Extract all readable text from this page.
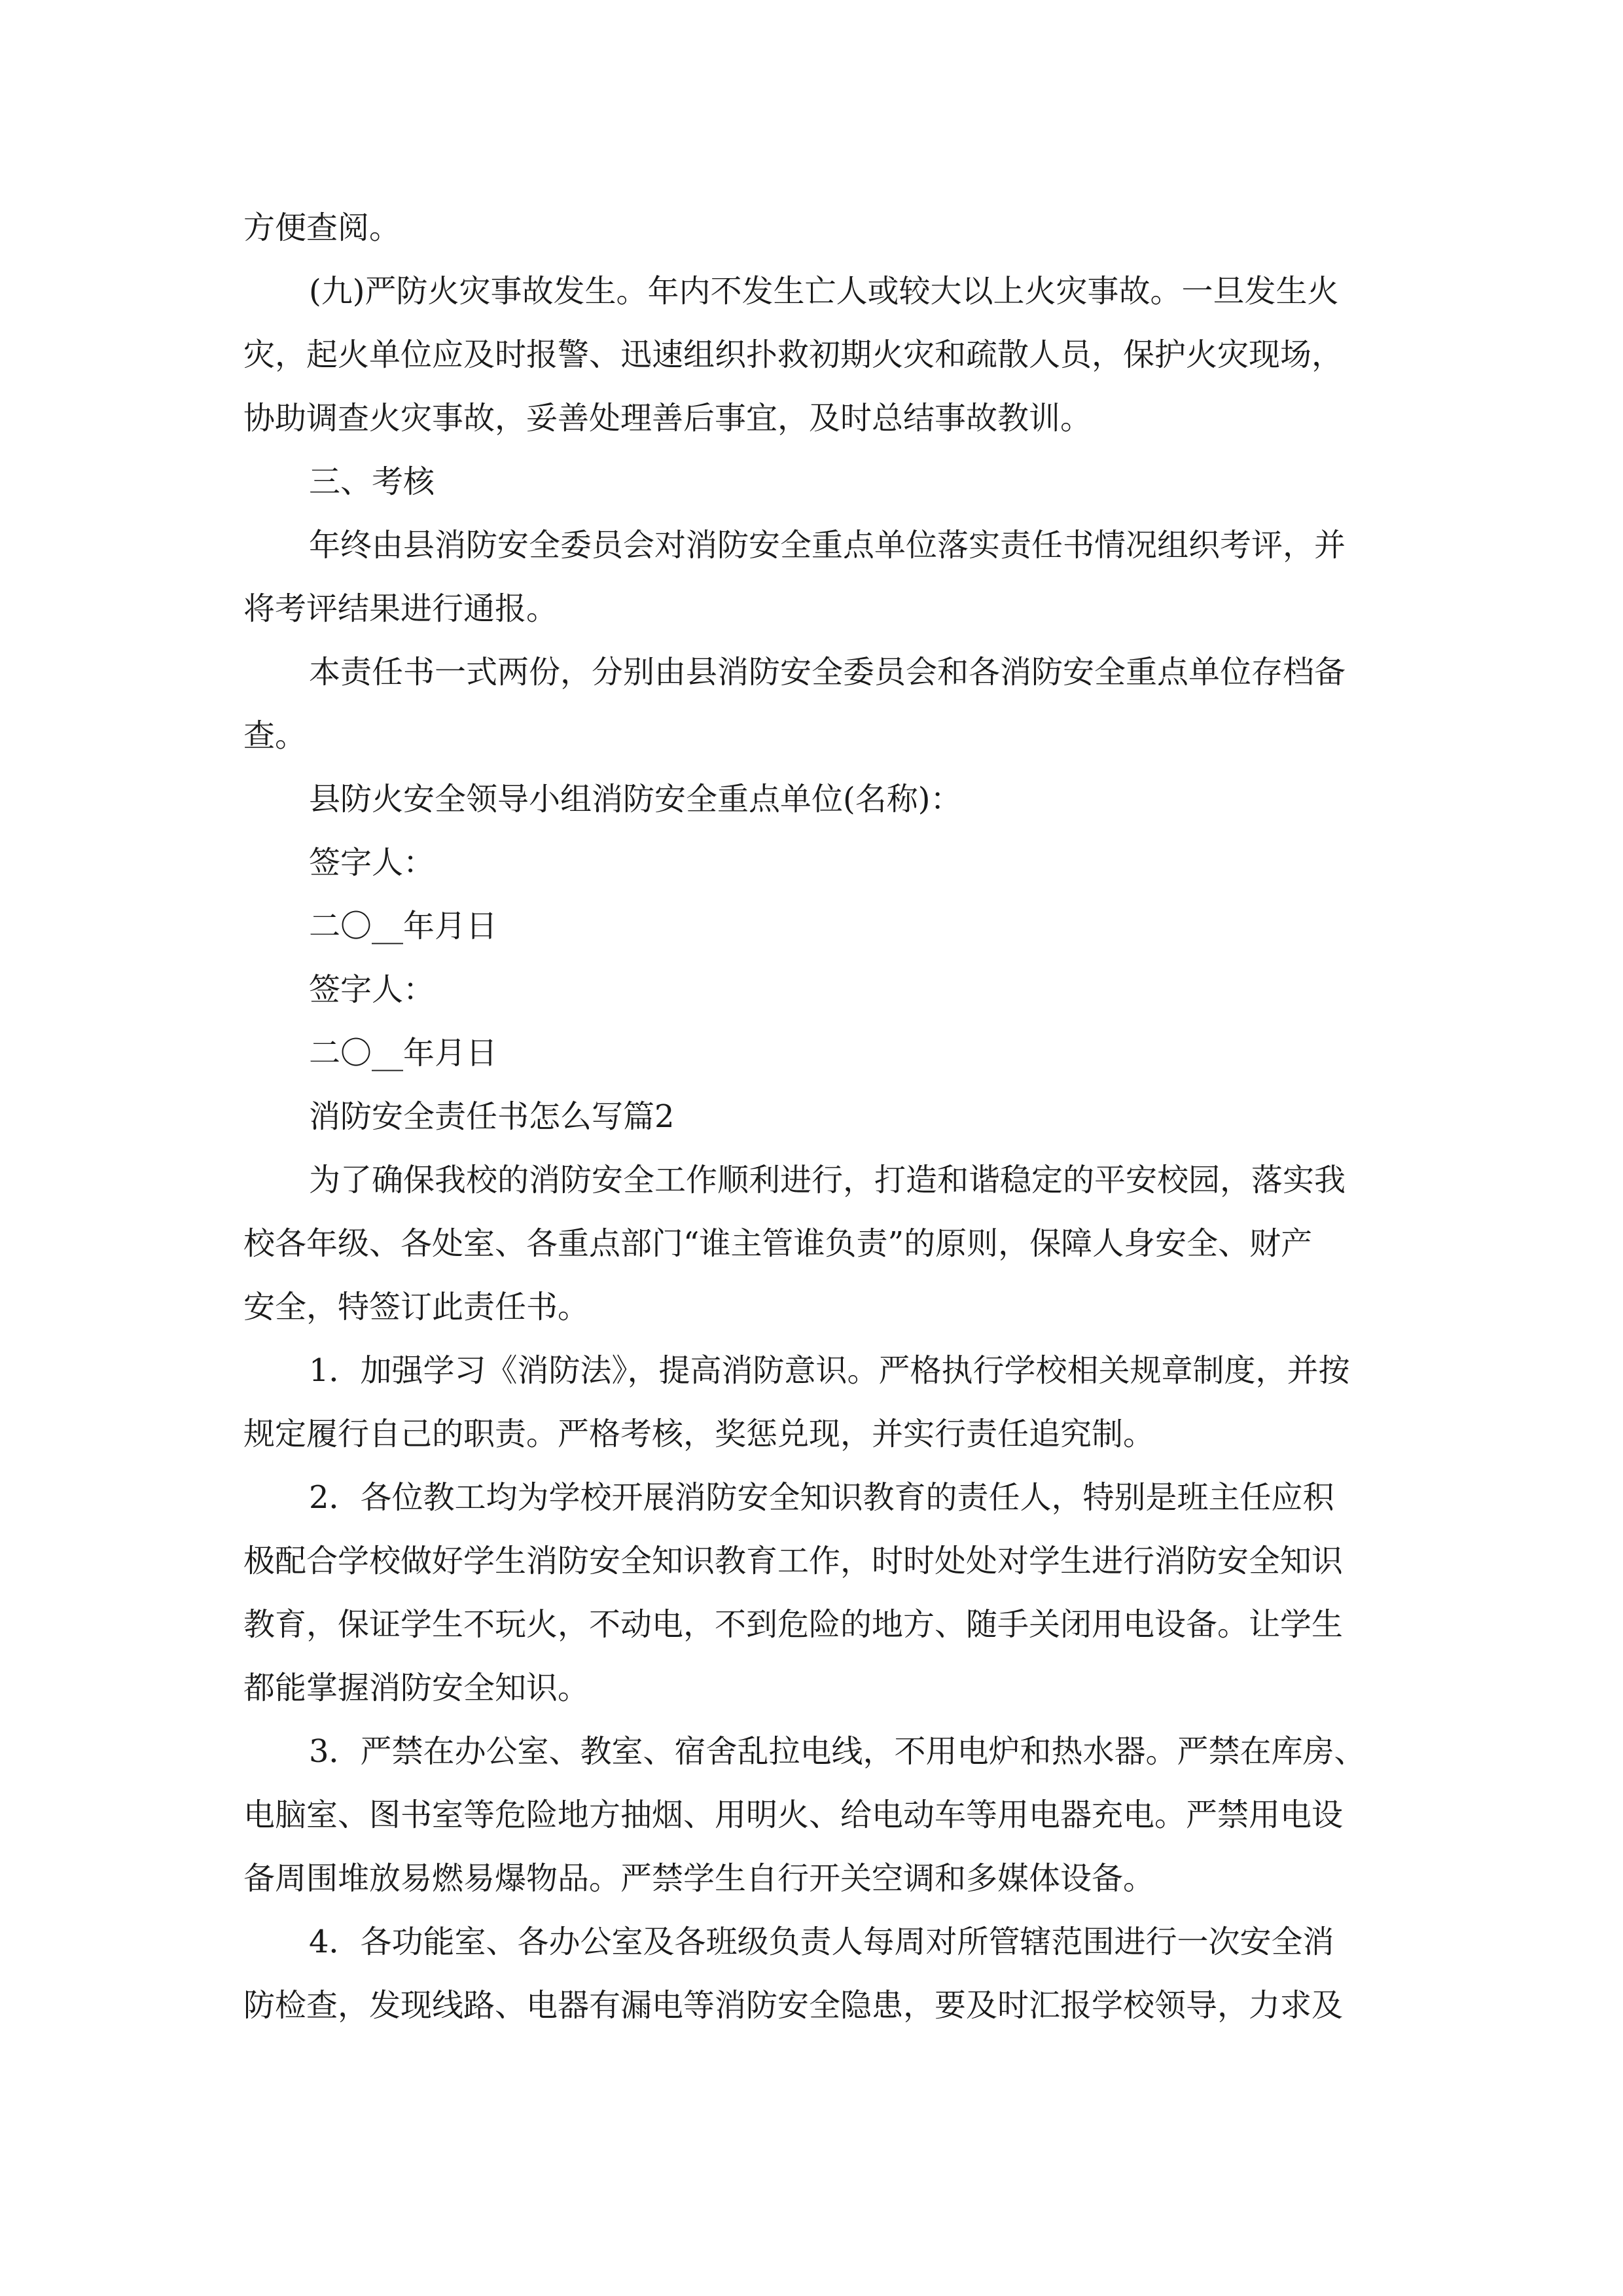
方便查阅。

(九)严防火灾事故发生。年内不发生亡人或较大以上火灾事故。一旦发生火

灾，起火单位应及时报警、迅速组织扑救初期火灾和疏散人员，保护火灾现场，

协助调查火灾事故，妥善处理善后事宜，及时总结事故教训。

三、考核

年终由县消防安全委员会对消防安全重点单位落实责任书情况组织考评，并

将考评结果进行通报。

本责任书一式两份，分别由县消防安全委员会和各消防安全重点单位存档备

查。

县防火安全领导小组消防安全重点单位(名称)：

签字人：

二〇__年月日

签字人：

二〇__年月日

消防安全责任书怎么写篇2

为了确保我校的消防安全工作顺利进行，打造和谐稳定的平安校园，落实我

校各年级、各处室、各重点部门“谁主管谁负责”的原则，保障人身安全、财产

安全，特签订此责任书。

1．加强学习《消防法》，提高消防意识。严格执行学校相关规章制度，并按

规定履行自己的职责。严格考核，奖惩兑现，并实行责任追究制。

2．各位教工均为学校开展消防安全知识教育的责任人，特别是班主任应积

极配合学校做好学生消防安全知识教育工作，时时处处对学生进行消防安全知识

教育，保证学生不玩火，不动电，不到危险的地方、随手关闭用电设备。让学生

都能掌握消防安全知识。

3．严禁在办公室、教室、宿舍乱拉电线，不用电炉和热水器。严禁在库房、

电脑室、图书室等危险地方抽烟、用明火、给电动车等用电器充电。严禁用电设

备周围堆放易燃易爆物品。严禁学生自行开关空调和多媒体设备。

4．各功能室、各办公室及各班级负责人每周对所管辖范围进行一次安全消

防检查，发现线路、电器有漏电等消防安全隐患，要及时汇报学校领导，力求及
